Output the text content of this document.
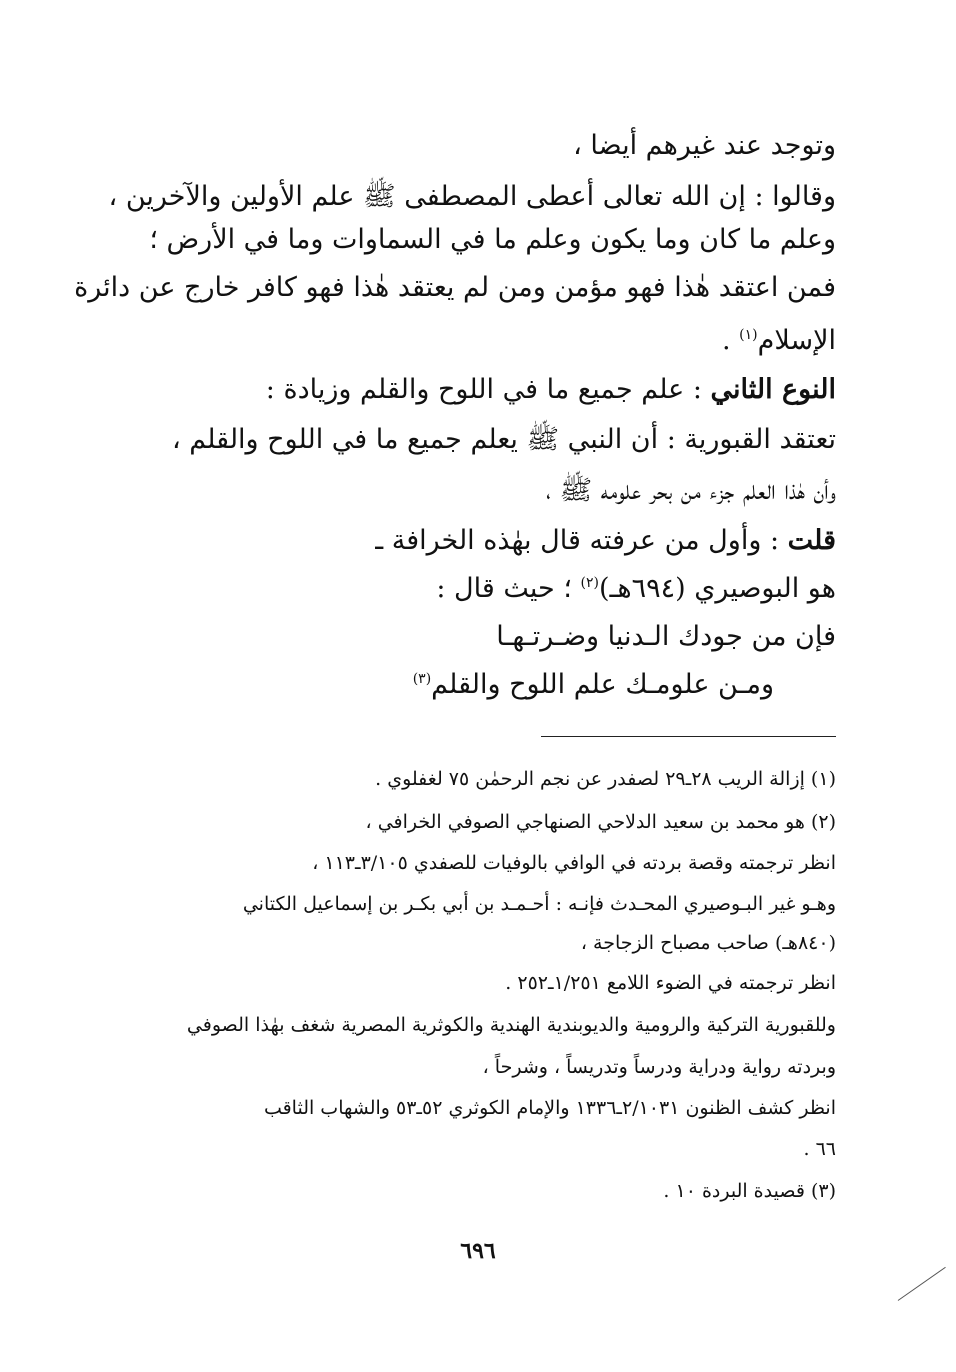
وتوجد عند غيرهم أيضا ،
وقالوا : إن الله تعالى أعطى المصطفى ﷺ علم الأولين والآخرين ،
وعلم ما كان وما يكون وعلم ما في السماوات وما في الأرض ؛
فمن اعتقد هٰذا فهو مؤمن ومن لم يعتقد هٰذا فهو كافر خارج عن دائرة
الإسلام$^{(١)}$ .
النوع الثاني : علم جميع ما في اللوح والقلم وزيادة :
تعتقد القبورية : أن النبي ﷺ يعلم جميع ما في اللوح والقلم ،
وأن هٰذا العلم جزء من بحر علومه ﷺ ،
قلت : وأول من عرفته قال بهٰذه الخرافة ـ
هو البوصيري (٦٩٤هـ)$^{(٢)}$ ؛ حيث قال :
فإن من جودك الـدنيا وضـرتـهـا
ومـن علومـك علم اللوح والقلم$^{(٣)}$
(١) إزالة الريب ٢٨ـ٢٩ لصفدر عن نجم الرحمٰن ٧٥ لغفلوي .
(٢) هو محمد بن سعيد الدلاحي الصنهاجي الصوفي الخرافي ،
انظر ترجمته وقصة بردته في الوافي بالوفيات للصفدي ٣/١٠٥ـ١١٣ ،
وهـو غير البـوصيري المحـدث فإنـه : أحـمـد بن أبي بكـر بن إسماعيل الكتاني
(٨٤٠هـ) صاحب مصباح الزجاجة ،
انظر ترجمته في الضوء اللامع ١/٢٥١ـ٢٥٢ .
وللقبورية التركية والرومية والديوبندية الهندية والكوثرية المصرية شغف بهٰذا الصوفي
وبردته رواية ودراية ودرساً وتدريساً ، وشرحاً ،
انظر كشف الظنون ٢/١٠٣١ـ١٣٣٦ والإمام الكوثري ٥٢ـ٥٣ والشهاب الثاقب
٦٦ .
(٣) قصيدة البردة ١٠ .
٦٩٦
